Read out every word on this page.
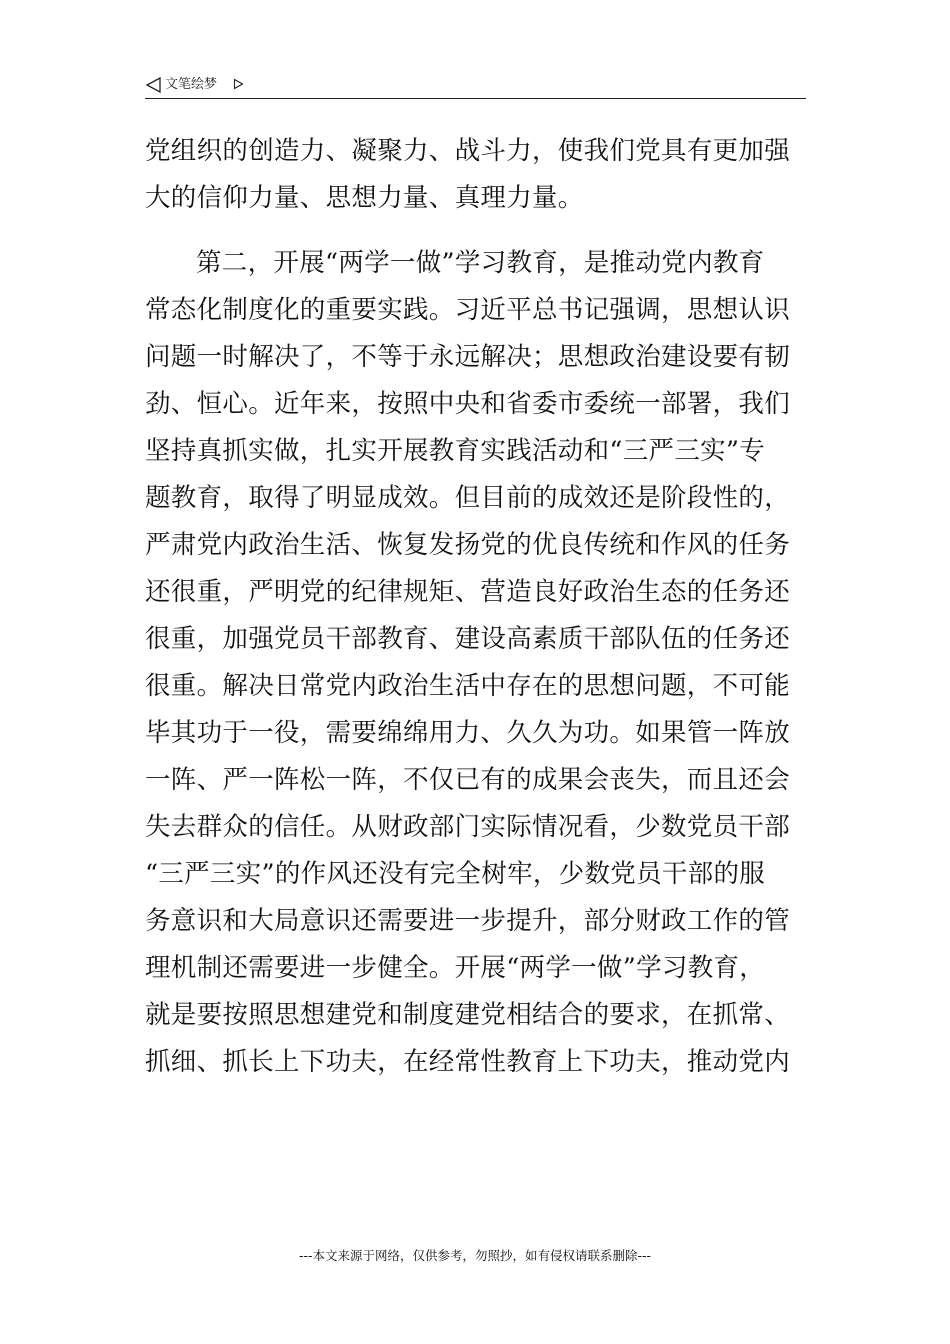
文笔绘梦
党组织的创造力、凝聚力、战斗力，使我们党具有更加强
大的信仰力量、思想力量、真理力量。
第二，开展“两学一做”学习教育，是推动党内教育
常态化制度化的重要实践。习近平总书记强调，思想认识
问题一时解决了，不等于永远解决；思想政治建设要有韧
劲、恒心。近年来，按照中央和省委市委统一部署，我们
坚持真抓实做，扎实开展教育实践活动和“三严三实”专
题教育，取得了明显成效。但目前的成效还是阶段性的，
严肃党内政治生活、恢复发扬党的优良传统和作风的任务
还很重，严明党的纪律规矩、营造良好政治生态的任务还
很重，加强党员干部教育、建设高素质干部队伍的任务还
很重。解决日常党内政治生活中存在的思想问题，不可能
毕其功于一役，需要绵绵用力、久久为功。如果管一阵放
一阵、严一阵松一阵，不仅已有的成果会丧失，而且还会
失去群众的信任。从财政部门实际情况看，少数党员干部
“三严三实”的作风还没有完全树牢，少数党员干部的服
务意识和大局意识还需要进一步提升，部分财政工作的管
理机制还需要进一步健全。开展“两学一做”学习教育，
就是要按照思想建党和制度建党相结合的要求，在抓常、
抓细、抓长上下功夫，在经常性教育上下功夫，推动党内
---本文来源于网络，仅供参考，勿照抄，如有侵权请联系删除---
